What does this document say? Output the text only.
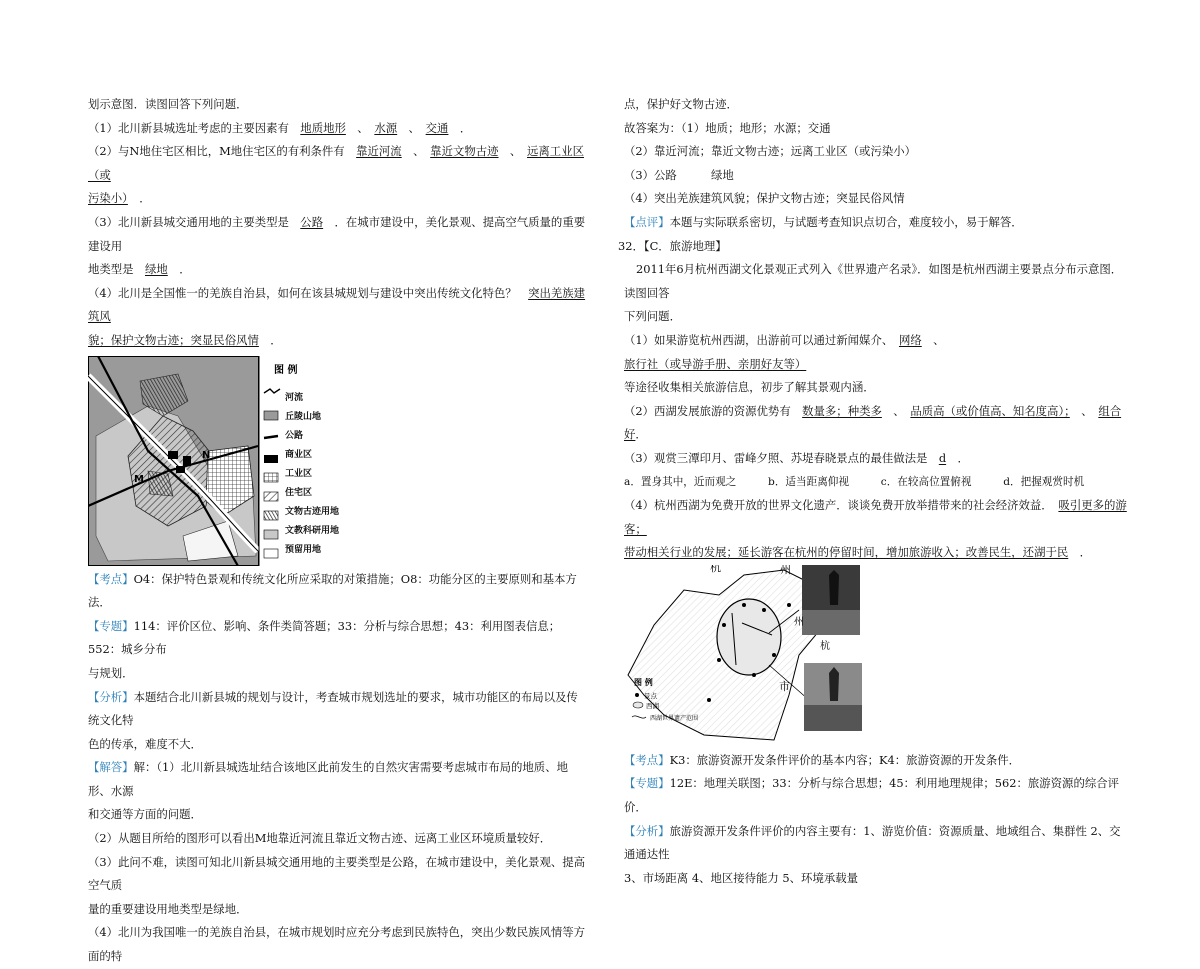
划示意图．读图回答下列问题．

（1）北川新县城选址考虑的主要因素有　 地质地形　、　水源　、　交通　 ．

（2）与N地住宅区相比，M地住宅区的有利条件有　 靠近河流　、　靠近文物古迹　、　远离工业区（或

污染小）　 ．

（3）北川新县城交通用地的主要类型是　 公路　 ．在城市建设中，美化景观、提高空气质量的重要建设用

地类型是　 绿地　 ．

（4）北川是全国惟一的羌族自治县，如何在该县城规划与建设中突出传统文化特色？　 突出羌族建筑风

貌；保护文物古迹；突显民俗风情　 ．

M
N
图 例
河流
丘陵山地
公路
商业区
工业区
住宅区
文物古迹用地
文教科研用地
预留用地

【考点】O4：保护特色景观和传统文化所应采取的对策措施；O8：功能分区的主要原则和基本方法．

【专题】114：评价区位、影响、条件类简答题；33：分析与综合思想；43：利用图表信息；552：城乡分布

与规划．

【分析】本题结合北川新县城的规划与设计，考查城市规划选址的要求，城市功能区的布局以及传统文化特

色的传承，难度不大．

【解答】解：（1）北川新县城选址结合该地区此前发生的自然灾害需要考虑城市布局的地质、地形、水源

和交通等方面的问题．

（2）从题目所给的图形可以看出M地靠近河流且靠近文物古迹、远离工业区环境质量较好．

（3）此问不难，读图可知北川新县城交通用地的主要类型是公路，在城市建设中，美化景观、提高空气质

量的重要建设用地类型是绿地．

（4）北川为我国唯一的羌族自治县，在城市规划时应充分考虑到民族特色，突出少数民族风情等方面的特

点，保护好文物古迹．

故答案为：（1）地质；地形；水源；交通

（2）靠近河流；靠近文物古迹；远离工业区（或污染小）

（3）公路　　　绿地

（4）突出羌族建筑风貌；保护文物古迹；突显民俗风情

【点评】本题与实际联系密切，与试题考查知识点切合，难度较小，易于解答．

32．【C．旅游地理】

2011年6月杭州西湖文化景观正式列入《世界遗产名录》．如图是杭州西湖主要景点分布示意图．读图回答

下列问题．

（1）如果游览杭州西湖，出游前可以通过新闻媒介、　 网络　、　旅行社（或导游手册、亲朋好友等）

等途径收集相关旅游信息，初步了解其景观内涵．

（2）西湖发展旅游的资源优势有　 数量多；种类多　、　品质高（或价值高、知名度高）；　、　组合

好．

（3）观赏三潭印月、雷峰夕照、苏堤春晓景点的最佳做法是　 d　 ．

a．置身其中，近而观之　　　	b．适当距离仰视　　　	c．在较高位置俯视　　　	d．把握观赏时机

（4）杭州西湖为免费开放的世界文化遗产．谈谈免费开放举措带来的社会经济效益．　 吸引更多的游客；

带动相关行业的发展；延长游客在杭州的停留时间，增加旅游收入；改善民生，还湖于民　 ．

杭	州
市
杭
州
图 例
景点
西湖
西湖世界遗产范围

【考点】K3：旅游资源开发条件评价的基本内容；K4：旅游资源的开发条件．

【专题】12E：地理关联图；33：分析与综合思想；45：利用地理规律；562：旅游资源的综合评价．

【分析】旅游资源开发条件评价的内容主要有：1、游览价值：资源质量、地域组合、集群性 2、交通通达性

3、市场距离 4、地区接待能力 5、环境承载量
